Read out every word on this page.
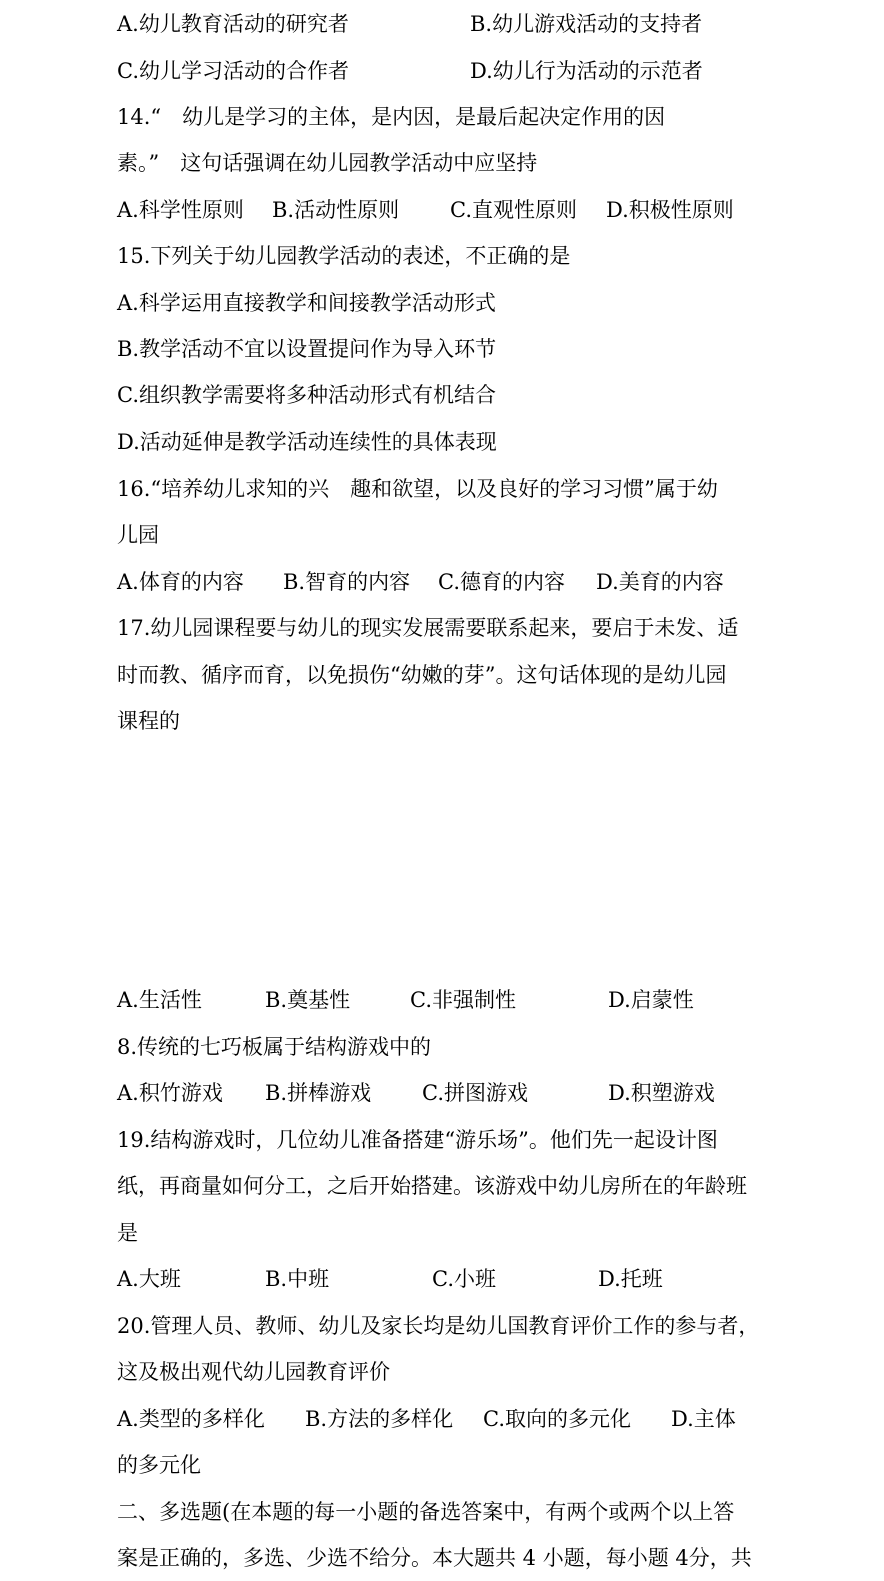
A.幼儿教育活动的研究者	B.幼儿游戏活动的支持者
C.幼儿学习活动的合作者	D.幼儿行为活动的示范者
14.“　幼儿是学习的主体，是内因，是最后起决定作用的因
素。”　这句话强调在幼儿园教学活动中应坚持
A.科学性原则 B.活动性原则 C.直观性原则 D.积极性原则
15.下列关于幼儿园教学活动的表述，不正确的是
A.科学运用直接教学和间接教学活动形式
B.教学活动不宜以设置提问作为导入环节
C.组织教学需要将多种活动形式有机结合
D.活动延伸是教学活动连续性的具体表现
16.“培养幼儿求知的兴　趣和欲望，以及良好的学习习惯”属于幼
儿园
A.体育的内容 B.智育的内容 C.德育的内容 D.美育的内容
17.幼儿园课程要与幼儿的现实发展需要联系起来，要启于未发、适
时而教、循序而育，以免损伤“幼嫩的芽”。这句话体现的是幼儿园
课程的
A.生活性	B.奠基性	C.非强制性	D.启蒙性
8.传统的七巧板属于结构游戏中的
A.积竹游戏 B.拼棒游戏 C.拼图游戏	D.积塑游戏
19.结构游戏时，几位幼儿准备搭建“游乐场”。他们先一起设计图
纸，再商量如何分工，之后开始搭建。该游戏中幼儿房所在的年龄班
是
A.大班	B.中班	C.小班	D.托班
20.管理人员、教师、幼儿及家长均是幼儿国教育评价工作的参与者，
这及极出观代幼儿园教育评价
A.类型的多样化 B.方法的多样化 C.取向的多元化 D.主体
的多元化
二、多选题(在本题的每一小题的备选答案中，有两个或两个以上答
案是正确的，多选、少选不给分。本大题共 4 小题，每小题 4分，共
